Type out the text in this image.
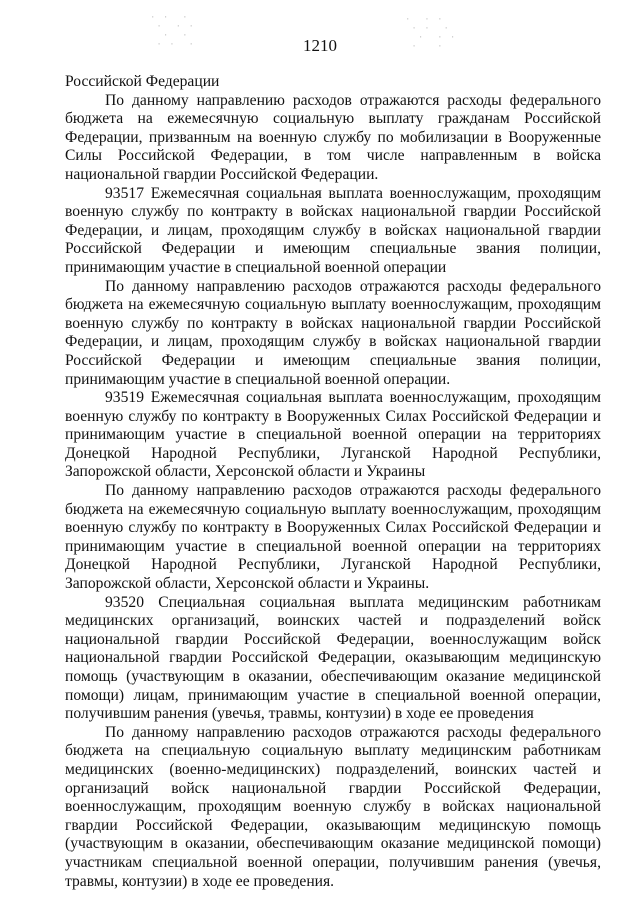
· ·  ·
·  · ·
·  ·
· ·  ·
·  · ·
· ·  ·
·  · ·
·   ·
1210

Российской Федерации

По данному направлению расходов отражаются расходы федерального бюджета на ежемесячную социальную выплату гражданам Российской Федерации, призванным на военную службу по мобилизации в Вооруженные Силы Российской Федерации, в том числе направленным в войска национальной гвардии Российской Федерации.

93517 Ежемесячная социальная выплата военнослужащим, проходящим военную службу по контракту в войсках национальной гвардии Российской Федерации, и лицам, проходящим службу в войсках национальной гвардии Российской Федерации и имеющим специальные звания полиции, принимающим участие в специальной военной операции

По данному направлению расходов отражаются расходы федерального бюджета на ежемесячную социальную выплату военнослужащим, проходящим военную службу по контракту в войсках национальной гвардии Российской Федерации, и лицам, проходящим службу в войсках национальной гвардии Российской Федерации и имеющим специальные звания полиции, принимающим участие в специальной военной операции.

93519 Ежемесячная социальная выплата военнослужащим, проходящим военную службу по контракту в Вооруженных Силах Российской Федерации и принимающим участие в специальной военной операции на территориях Донецкой Народной Республики, Луганской Народной Республики, Запорожской области, Херсонской области и Украины

По данному направлению расходов отражаются расходы федерального бюджета на ежемесячную социальную выплату военнослужащим, проходящим военную службу по контракту в Вооруженных Силах Российской Федерации и принимающим участие в специальной военной операции на территориях Донецкой Народной Республики, Луганской Народной Республики, Запорожской области, Херсонской области и Украины.

93520 Специальная социальная выплата медицинским работникам медицинских организаций, воинских частей и подразделений войск национальной гвардии Российской Федерации, военнослужащим войск национальной гвардии Российской Федерации, оказывающим медицинскую помощь (участвующим в оказании, обеспечивающим оказание медицинской помощи) лицам, принимающим участие в специальной военной операции, получившим ранения (увечья, травмы, контузии) в ходе ее проведения

По данному направлению расходов отражаются расходы федерального бюджета на специальную социальную выплату медицинским работникам медицинских (военно-медицинских) подразделений, воинских частей и организаций войск национальной гвардии Российской Федерации, военнослужащим, проходящим военную службу в войсках национальной гвардии Российской Федерации, оказывающим медицинскую помощь (участвующим в оказании, обеспечивающим оказание медицинской помощи) участникам специальной военной операции, получившим ранения (увечья, травмы, контузии) в ходе ее проведения.
